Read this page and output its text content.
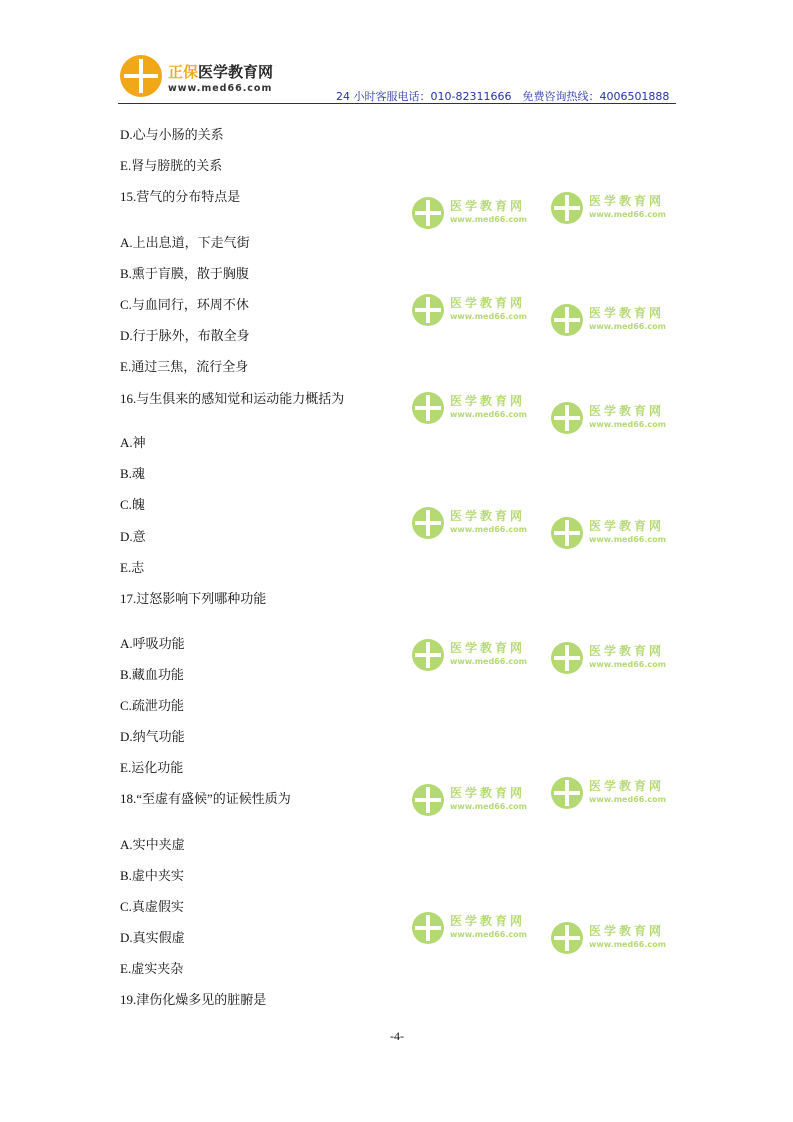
正保医学教育网
www.med66.com
24 小时客服电话：010-82311666　免费咨询热线：4006501888
医学教育网
www.med66.com
医学教育网
www.med66.com
医学教育网
www.med66.com	医学教育网
www.med66.com
医学教育网
www.med66.com
医学教育网
www.med66.com
医学教育网
www.med66.com	医学教育网
www.med66.com
医学教育网
www.med66.com
医学教育网
www.med66.com
医学教育网
www.med66.com
医学教育网
www.med66.com
医学教育网
www.med66.com
医学教育网
www.med66.com
D.心与小肠的关系
E.肾与膀胱的关系
15.营气的分布特点是
A.上出息道，下走气街
B.熏于肓膜，散于胸腹
C.与血同行，环周不休
D.行于脉外，布散全身
E.通过三焦，流行全身
16.与生俱来的感知觉和运动能力概括为
A.神
B.魂
C.魄
D.意
E.志
17.过怒影响下列哪种功能
A.呼吸功能
B.藏血功能
C.疏泄功能
D.纳气功能
E.运化功能
18.“至虚有盛候”的证候性质为
A.实中夹虚
B.虚中夹实
C.真虚假实
D.真实假虚
E.虚实夹杂
19.津伤化燥多见的脏腑是
-4-
